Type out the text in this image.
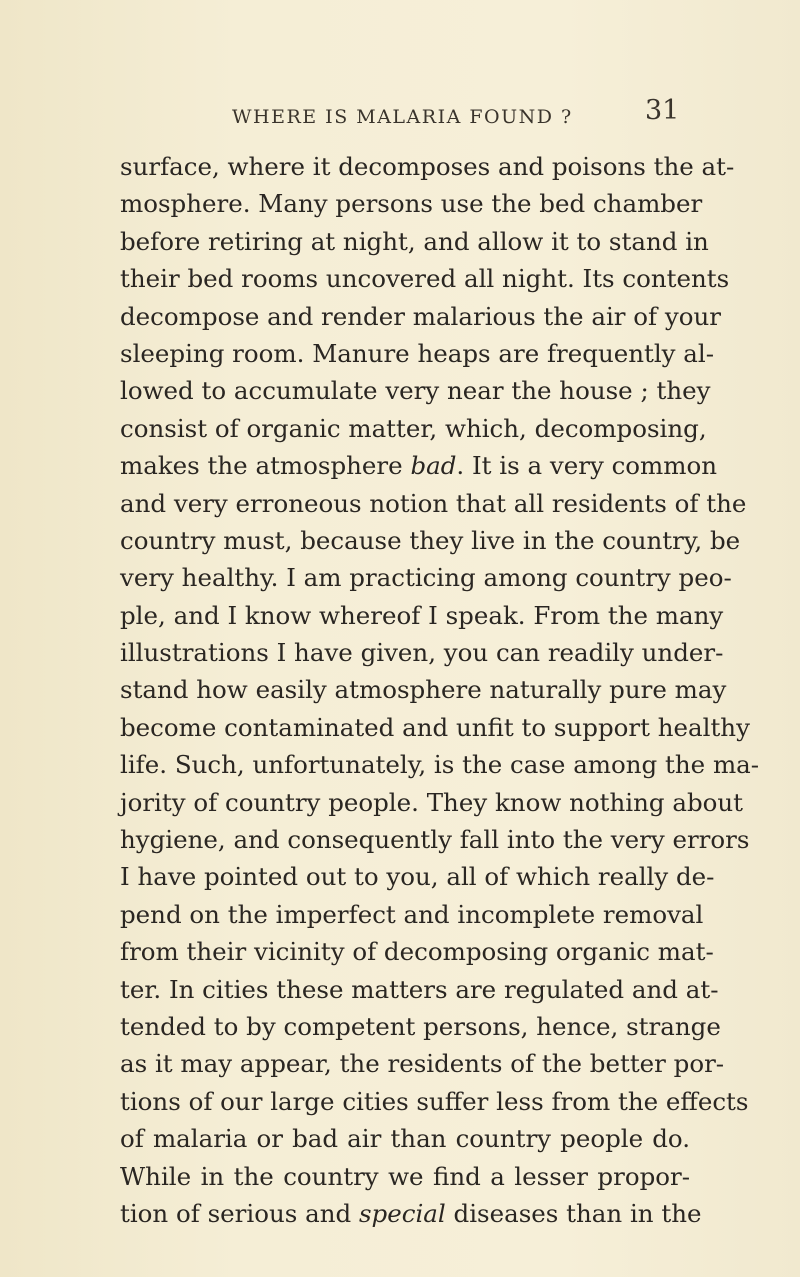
WHERE IS MALARIA FOUND ?	31
surface, where it decomposes and poisons the at-
mosphere. Many persons use the bed chamber
before retiring at night, and allow it to stand in
their bed rooms uncovered all night. Its contents
decompose and render malarious the air of your
sleeping room. Manure heaps are frequently al-
lowed to accumulate very near the house ; they
consist of organic matter, which, decomposing,
makes the atmosphere bad. It is a very common
and very erroneous notion that all residents of the
country must, because they live in the country, be
very healthy. I am practicing among country peo-
ple, and I know whereof I speak. From the many
illustrations I have given, you can readily under-
stand how easily atmosphere naturally pure may
become contaminated and unfit to support healthy
life. Such, unfortunately, is the case among the ma-
jority of country people. They know nothing about
hygiene, and consequently fall into the very errors
I have pointed out to you, all of which really de-
pend on the imperfect and incomplete removal
from their vicinity of decomposing organic mat-
ter. In cities these matters are regulated and at-
tended to by competent persons, hence, strange
as it may appear, the residents of the better por-
tions of our large cities suffer less from the effects
of malaria or bad air than country people do.
While in the country we find a lesser propor-
tion of serious and special diseases than in the
